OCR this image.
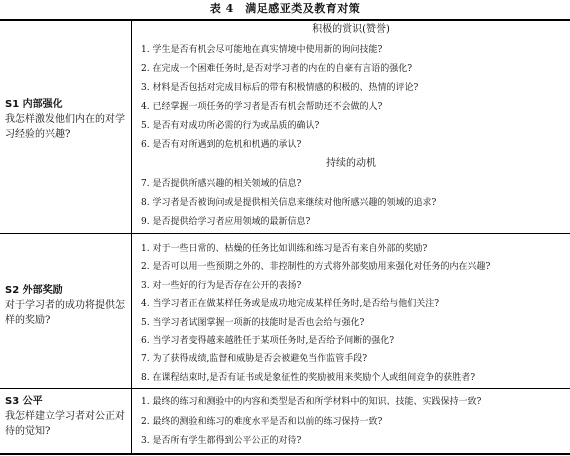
表 4　满足感亚类及教育对策
S1 内部强化
我怎样激发他们内在的对学习经验的兴趣?
积极的赏识(赞誉)
1. 学生是否有机会尽可能地在真实情境中使用新的询问技能?
2. 在完成一个困难任务时,是否对学习者的内在的自豪有言语的强化?
3. 材料是否包括对完成目标后的带有积极情感的积极的、热情的评论?
4. 已经掌握一项任务的学习者是否有机会帮助还不会做的人?
5. 是否有对成功所必需的行为或品质的确认?
6. 是否有对所遇到的危机和机遇的承认?
持续的动机
7. 是否提供所感兴趣的相关领域的信息?
8. 学习者是否被询问或是提供相关信息来继续对他所感兴趣的领域的追求?
9. 是否提供给学习者应用领域的最新信息?
S2 外部奖励
对于学习者的成功将提供怎样的奖励?
1. 对于一些日常的、枯燥的任务比如训练和练习是否有来自外部的奖励?
2. 是否可以用一些预期之外的、非控制性的方式将外部奖励用来强化对任务的内在兴趣?
3. 对一些好的行为是否存在公开的表扬?
4. 当学习者正在做某样任务或是成功地完成某样任务时,是否给与他们关注?
5. 当学习者试图掌握一项新的技能时是否也会给与强化?
6. 当学习者变得越来越胜任于某项任务时,是否给予间断的强化?
7. 为了获得成绩,监督和威胁是否会被避免当作监管手段?
8. 在课程结束时,是否有证书或是象征性的奖励被用来奖励个人或组间竞争的获胜者?
S3 公平
我怎样建立学习者对公正对待的觉知?
1. 最终的练习和测验中的内容和类型是否和所学材料中的知识、技能、实践保持一致?
2. 最终的测验和练习的难度水平是否和以前的练习保持一致?
3. 是否所有学生都得到公平公正的对待?
